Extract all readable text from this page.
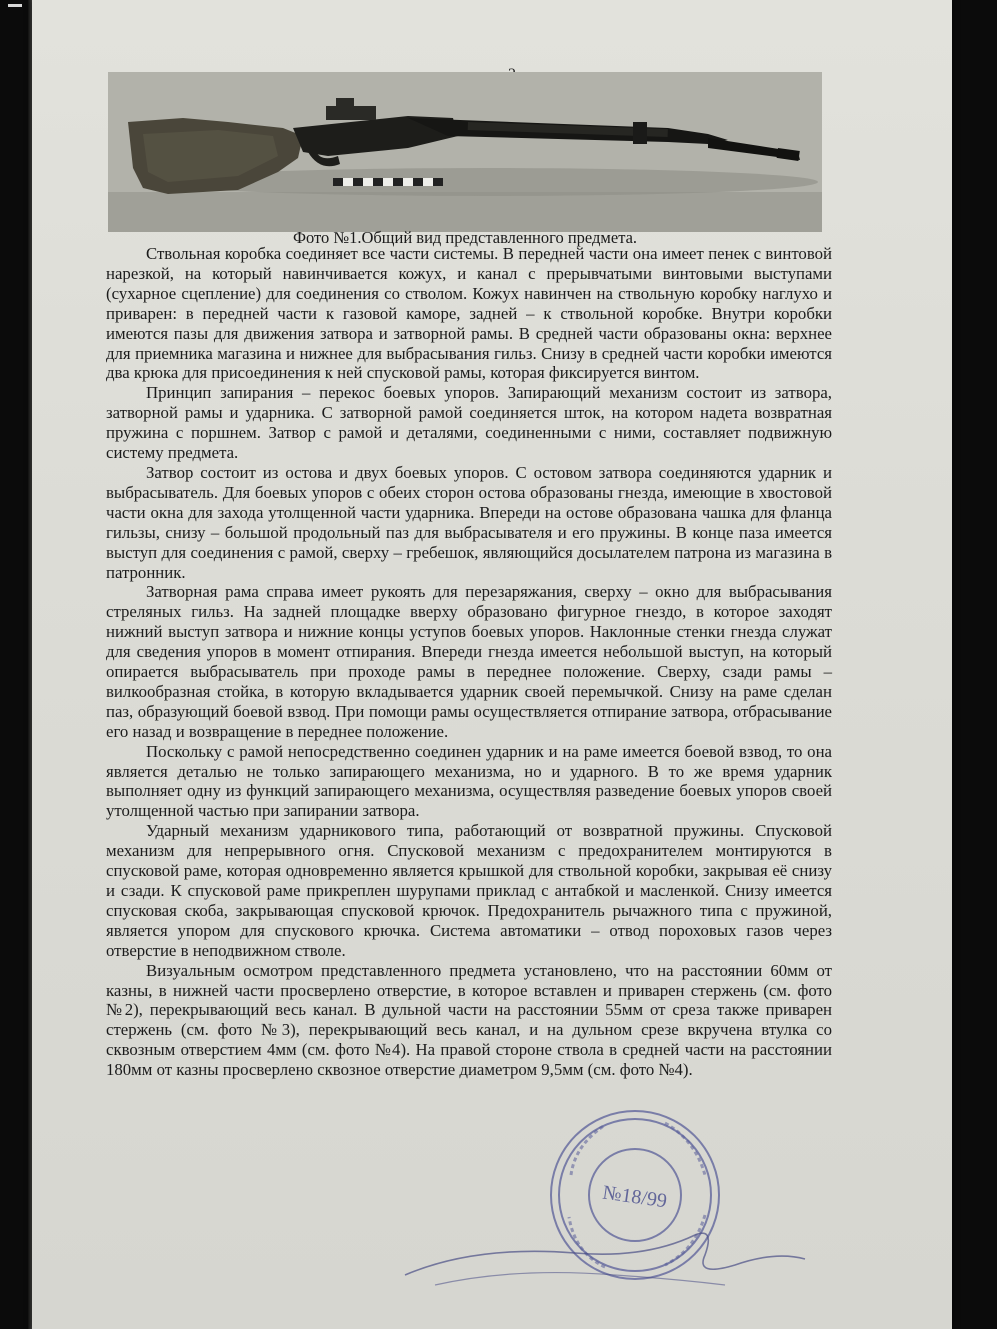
Фото №1.Общий вид представленного предмета.

Ствольная коробка соединяет все части системы. В передней части она имеет пенек с винтовой нарезкой, на который навинчивается кожух, и канал с прерывчатыми винтовыми выступами (сухарное сцепление) для соединения со стволом. Кожух навинчен на ствольную коробку наглухо и приварен: в передней части к газовой каморе, задней – к ствольной коробке. Внутри коробки имеются пазы для движения затвора и затворной рамы. В средней части образованы окна: верхнее для приемника магазина и нижнее для выбрасывания гильз. Снизу в средней части коробки имеются два крюка для присоединения к ней спусковой рамы, которая фиксируется винтом.

Принцип запирания – перекос боевых упоров. Запирающий механизм состоит из затвора, затворной рамы и ударника. С затворной рамой соединяется шток, на котором надета возвратная пружина с поршнем. Затвор с рамой и деталями, соединенными с ними, составляет подвижную систему предмета.

Затвор состоит из остова и двух боевых упоров. С остовом затвора соединяются ударник и выбрасыватель. Для боевых упоров с обеих сторон остова образованы гнезда, имеющие в хвостовой части окна для захода утолщенной части ударника. Впереди на остове образована чашка для фланца гильзы, снизу – большой продольный паз для выбрасывателя и его пружины. В конце паза имеется выступ для соединения с рамой, сверху – гребешок, являющийся досылателем патрона из магазина в патронник.

Затворная рама справа имеет рукоять для перезаряжания, сверху – окно для выбрасывания стреляных гильз. На задней площадке вверху образовано фигурное гнездо, в которое заходят нижний выступ затвора и нижние концы уступов боевых упоров. Наклонные стенки гнезда служат для сведения упоров в момент отпирания. Впереди гнезда имеется небольшой выступ, на который опирается выбрасыватель при проходе рамы в переднее положение. Сверху, сзади рамы – вилкообразная стойка, в которую вкладывается ударник своей перемычкой. Снизу на раме сделан паз, образующий боевой взвод. При помощи рамы осуществляется отпирание затвора, отбрасывание его назад и возвращение в переднее положение.

Поскольку с рамой непосредственно соединен ударник и на раме имеется боевой взвод, то она является деталью не только запирающего механизма, но и ударного. В то же время ударник выполняет одну из функций запирающего механизма, осуществляя разведение боевых упоров своей утолщенной частью при запирании затвора.

Ударный механизм ударникового типа, работающий от возвратной пружины. Спусковой механизм для непрерывного огня. Спусковой механизм с предохранителем монтируются в спусковой раме, которая одновременно является крышкой для ствольной коробки, закрывая её снизу и сзади. К спусковой раме прикреплен шурупами приклад с антабкой и масленкой. Снизу имеется спусковая скоба, закрывающая спусковой крючок. Предохранитель рычажного типа с пружиной, является упором для спускового крючка. Система автоматики – отвод пороховых газов через отверстие в неподвижном стволе.

Визуальным осмотром представленного предмета установлено, что на расстоянии 60мм от казны, в нижней части просверлено отверстие, в которое вставлен и приварен стержень (см. фото №2), перекрывающий весь канал. В дульной части на расстоянии 55мм от среза также приварен стержень (см. фото №3), перекрывающий весь канал, и на дульном срезе вкручена втулка со сквозным отверстием 4мм (см. фото №4). На правой стороне ствола в средней части на расстоянии 180мм от казны просверлено сквозное отверстие диаметром 9,5мм (см. фото №4).

№18/99
